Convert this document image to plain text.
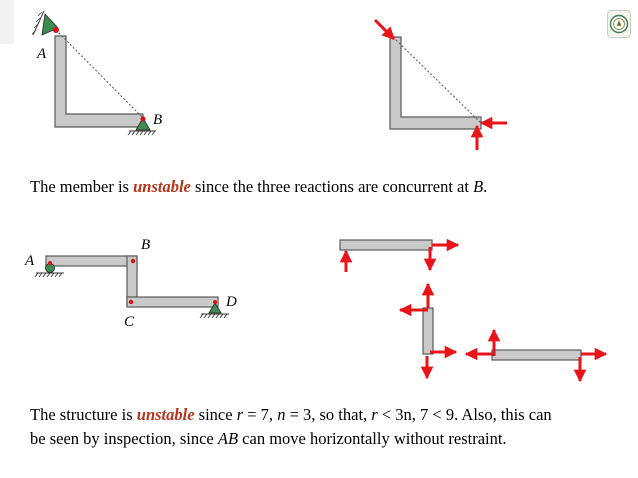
A
B
A
B
C
D

The member is unstable since the three reactions are concurrent at B.

The structure is unstable since r = 7, n = 3, so that, r < 3n, 7 < 9. Also, this can
be seen by inspection, since AB can move horizontally without restraint.
